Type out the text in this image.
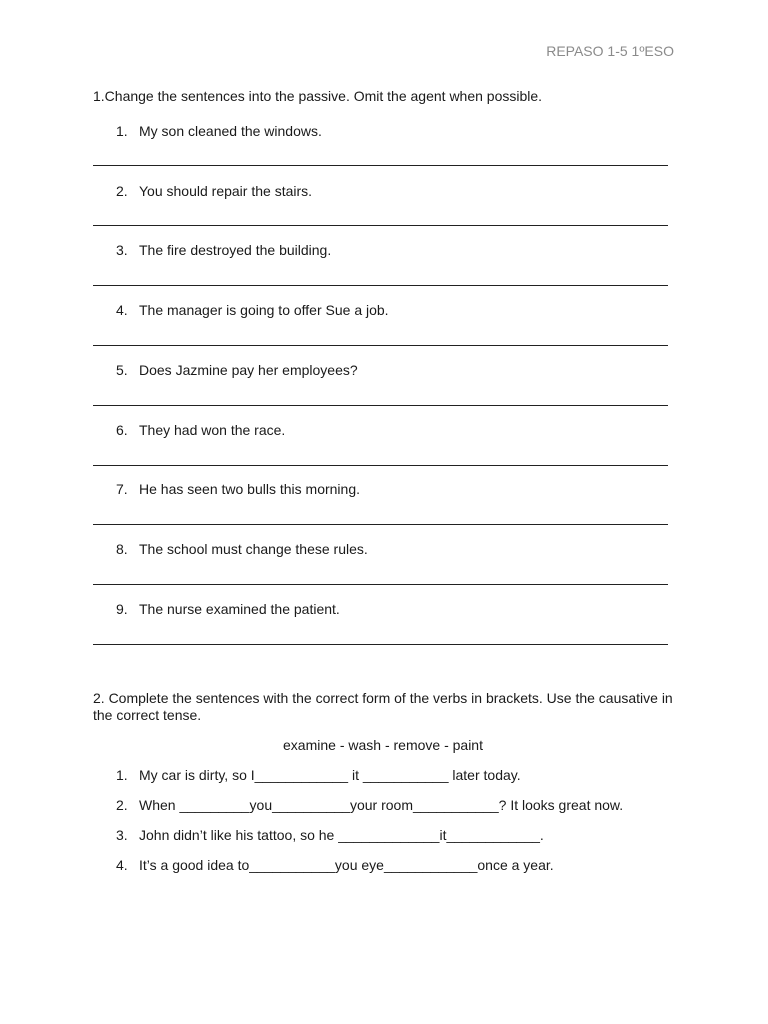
REPASO 1-5 1ºESO
1.Change the sentences into the passive. Omit the agent when possible.
1. My son cleaned the windows.
2. You should repair the stairs.
3. The fire destroyed the building.
4. The manager is going to offer Sue a job.
5. Does Jazmine pay her employees?
6. They had won the race.
7. He has seen two bulls this morning.
8. The school must change these rules.
9. The nurse examined the patient.
2. Complete the sentences with the correct form of the verbs in brackets. Use the causative in the correct tense.
examine - wash - remove - paint
1. My car is dirty, so I____________ it ___________ later today.
2. When _________you__________your room___________? It looks great now.
3. John didn’t like his tattoo, so he _____________it____________.
4. It’s a good idea to___________you eye____________once a year.
